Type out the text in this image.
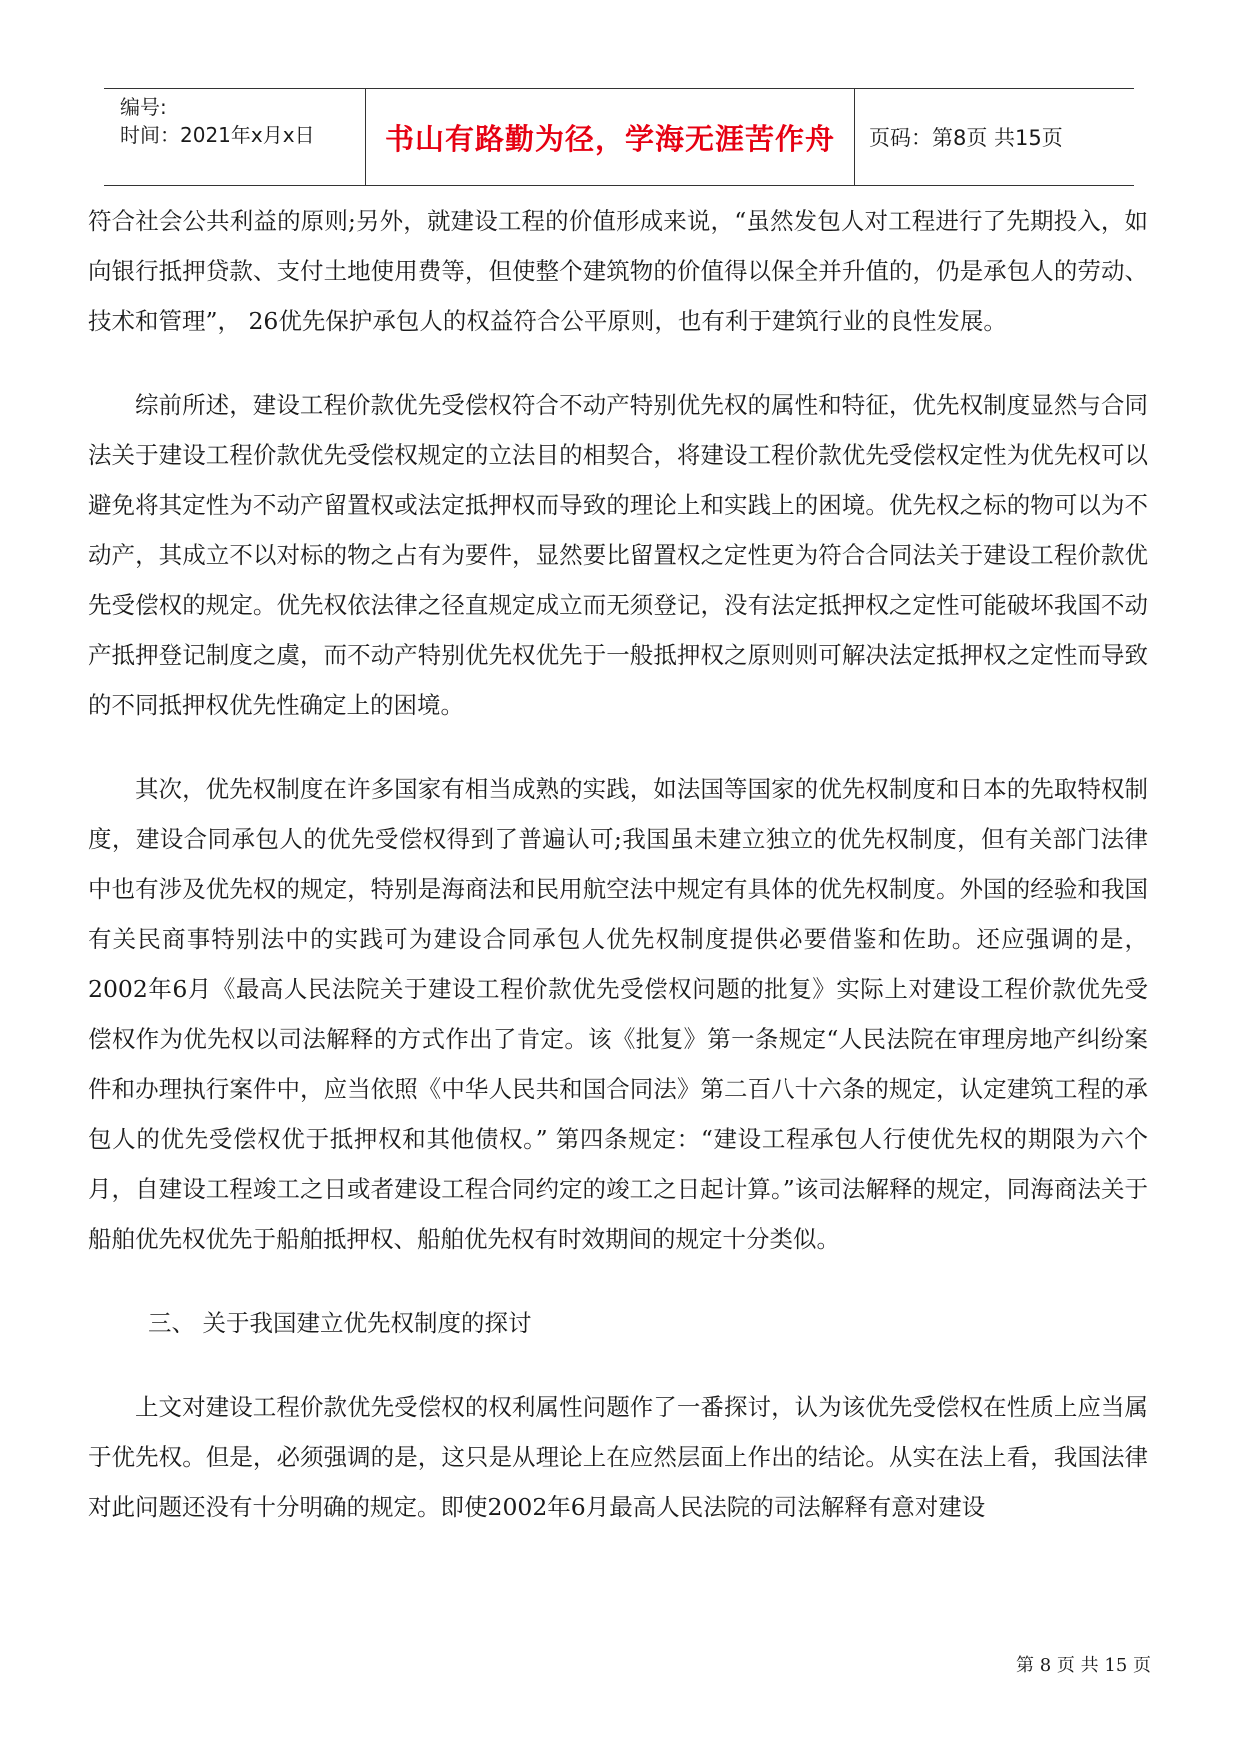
编号:
时间：2021年x月x日	书山有路勤为径，学海无涯苦作舟	页码：第8页 共15页

符合社会公共利益的原则;另外，就建设工程的价值形成来说，“虽然发包人对工程进行了先期投入，如向银行抵押贷款、支付土地使用费等，但使整个建筑物的价值得以保全并升值的，仍是承包人的劳动、技术和管理”， 26优先保护承包人的权益符合公平原则，也有利于建筑行业的良性发展。

综前所述，建设工程价款优先受偿权符合不动产特别优先权的属性和特征，优先权制度显然与合同法关于建设工程价款优先受偿权规定的立法目的相契合，将建设工程价款优先受偿权定性为优先权可以避免将其定性为不动产留置权或法定抵押权而导致的理论上和实践上的困境。优先权之标的物可以为不动产，其成立不以对标的物之占有为要件，显然要比留置权之定性更为符合合同法关于建设工程价款优先受偿权的规定。优先权依法律之径直规定成立而无须登记，没有法定抵押权之定性可能破坏我国不动产抵押登记制度之虞，而不动产特别优先权优先于一般抵押权之原则则可解决法定抵押权之定性而导致的不同抵押权优先性确定上的困境。

其次，优先权制度在许多国家有相当成熟的实践，如法国等国家的优先权制度和日本的先取特权制度，建设合同承包人的优先受偿权得到了普遍认可;我国虽未建立独立的优先权制度，但有关部门法律中也有涉及优先权的规定，特别是海商法和民用航空法中规定有具体的优先权制度。外国的经验和我国有关民商事特别法中的实践可为建设合同承包人优先权制度提供必要借鉴和佐助。还应强调的是，2002年6月《最高人民法院关于建设工程价款优先受偿权问题的批复》实际上对建设工程价款优先受偿权作为优先权以司法解释的方式作出了肯定。该《批复》第一条规定“人民法院在审理房地产纠纷案件和办理执行案件中，应当依照《中华人民共和国合同法》第二百八十六条的规定，认定建筑工程的承包人的优先受偿权优于抵押权和其他债权。” 第四条规定：“建设工程承包人行使优先权的期限为六个月，自建设工程竣工之日或者建设工程合同约定的竣工之日起计算。”该司法解释的规定，同海商法关于船舶优先权优先于船舶抵押权、船舶优先权有时效期间的规定十分类似。

三、 关于我国建立优先权制度的探讨

上文对建设工程价款优先受偿权的权利属性问题作了一番探讨，认为该优先受偿权在性质上应当属于优先权。但是，必须强调的是，这只是从理论上在应然层面上作出的结论。从实在法上看，我国法律对此问题还没有十分明确的规定。即使2002年6月最高人民法院的司法解释有意对建设

第 8 页 共 15 页
